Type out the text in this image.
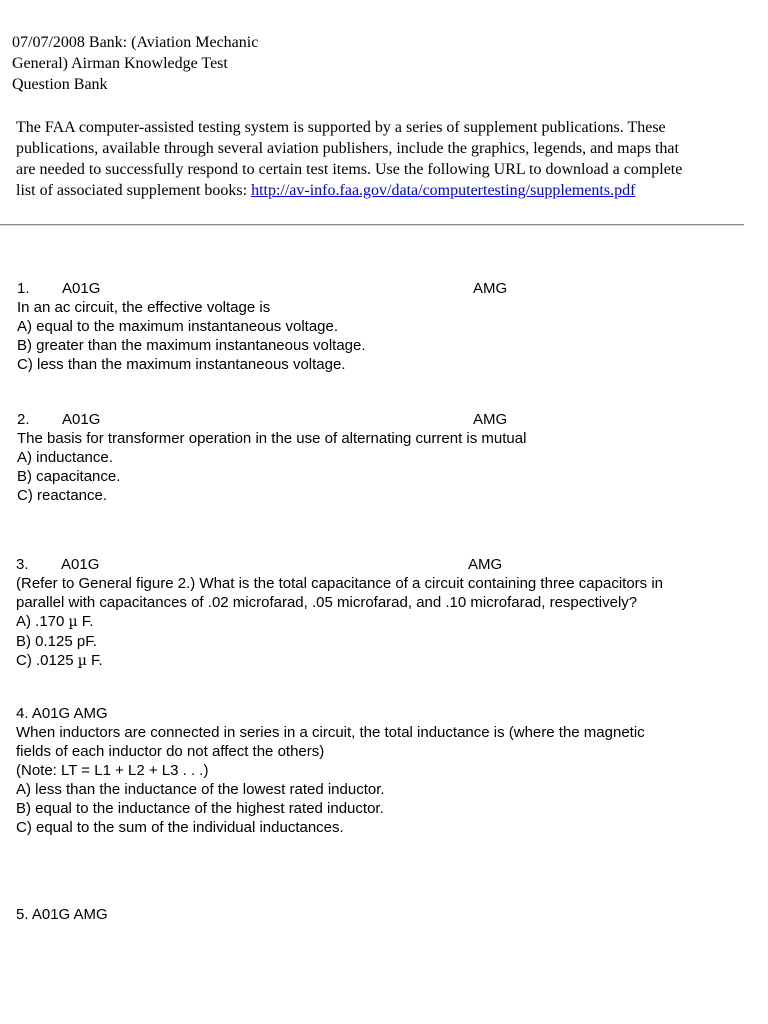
07/07/2008 Bank: (Aviation Mechanic
General) Airman Knowledge Test
Question Bank
The FAA computer-assisted testing system is supported by a series of supplement publications. These
publications, available through several aviation publishers, include the graphics, legends, and maps that
are needed to successfully respond to certain test items. Use the following URL to download a complete
list of associated supplement books: http://av-info.faa.gov/data/computertesting/supplements.pdf
1. A01G	AMG
In an ac circuit, the effective voltage is
A) equal to the maximum instantaneous voltage.
B) greater than the maximum instantaneous voltage.
C) less than the maximum instantaneous voltage.
2. A01G	AMG
The basis for transformer operation in the use of alternating current is mutual
A) inductance.
B) capacitance.
C) reactance.
3. A01G	AMG
(Refer to General figure 2.) What is the total capacitance of a circuit containing three capacitors in
parallel with capacitances of .02 microfarad, .05 microfarad, and .10 microfarad, respectively?
A) .170 µ F.
B) 0.125 pF.
C) .0125 µ F.
4. A01G AMG
When inductors are connected in series in a circuit, the total inductance is (where the magnetic
fields of each inductor do not affect the others)
(Note: LT = L1 + L2 + L3 . . .)
A) less than the inductance of the lowest rated inductor.
B) equal to the inductance of the highest rated inductor.
C) equal to the sum of the individual inductances.
5. A01G AMG
